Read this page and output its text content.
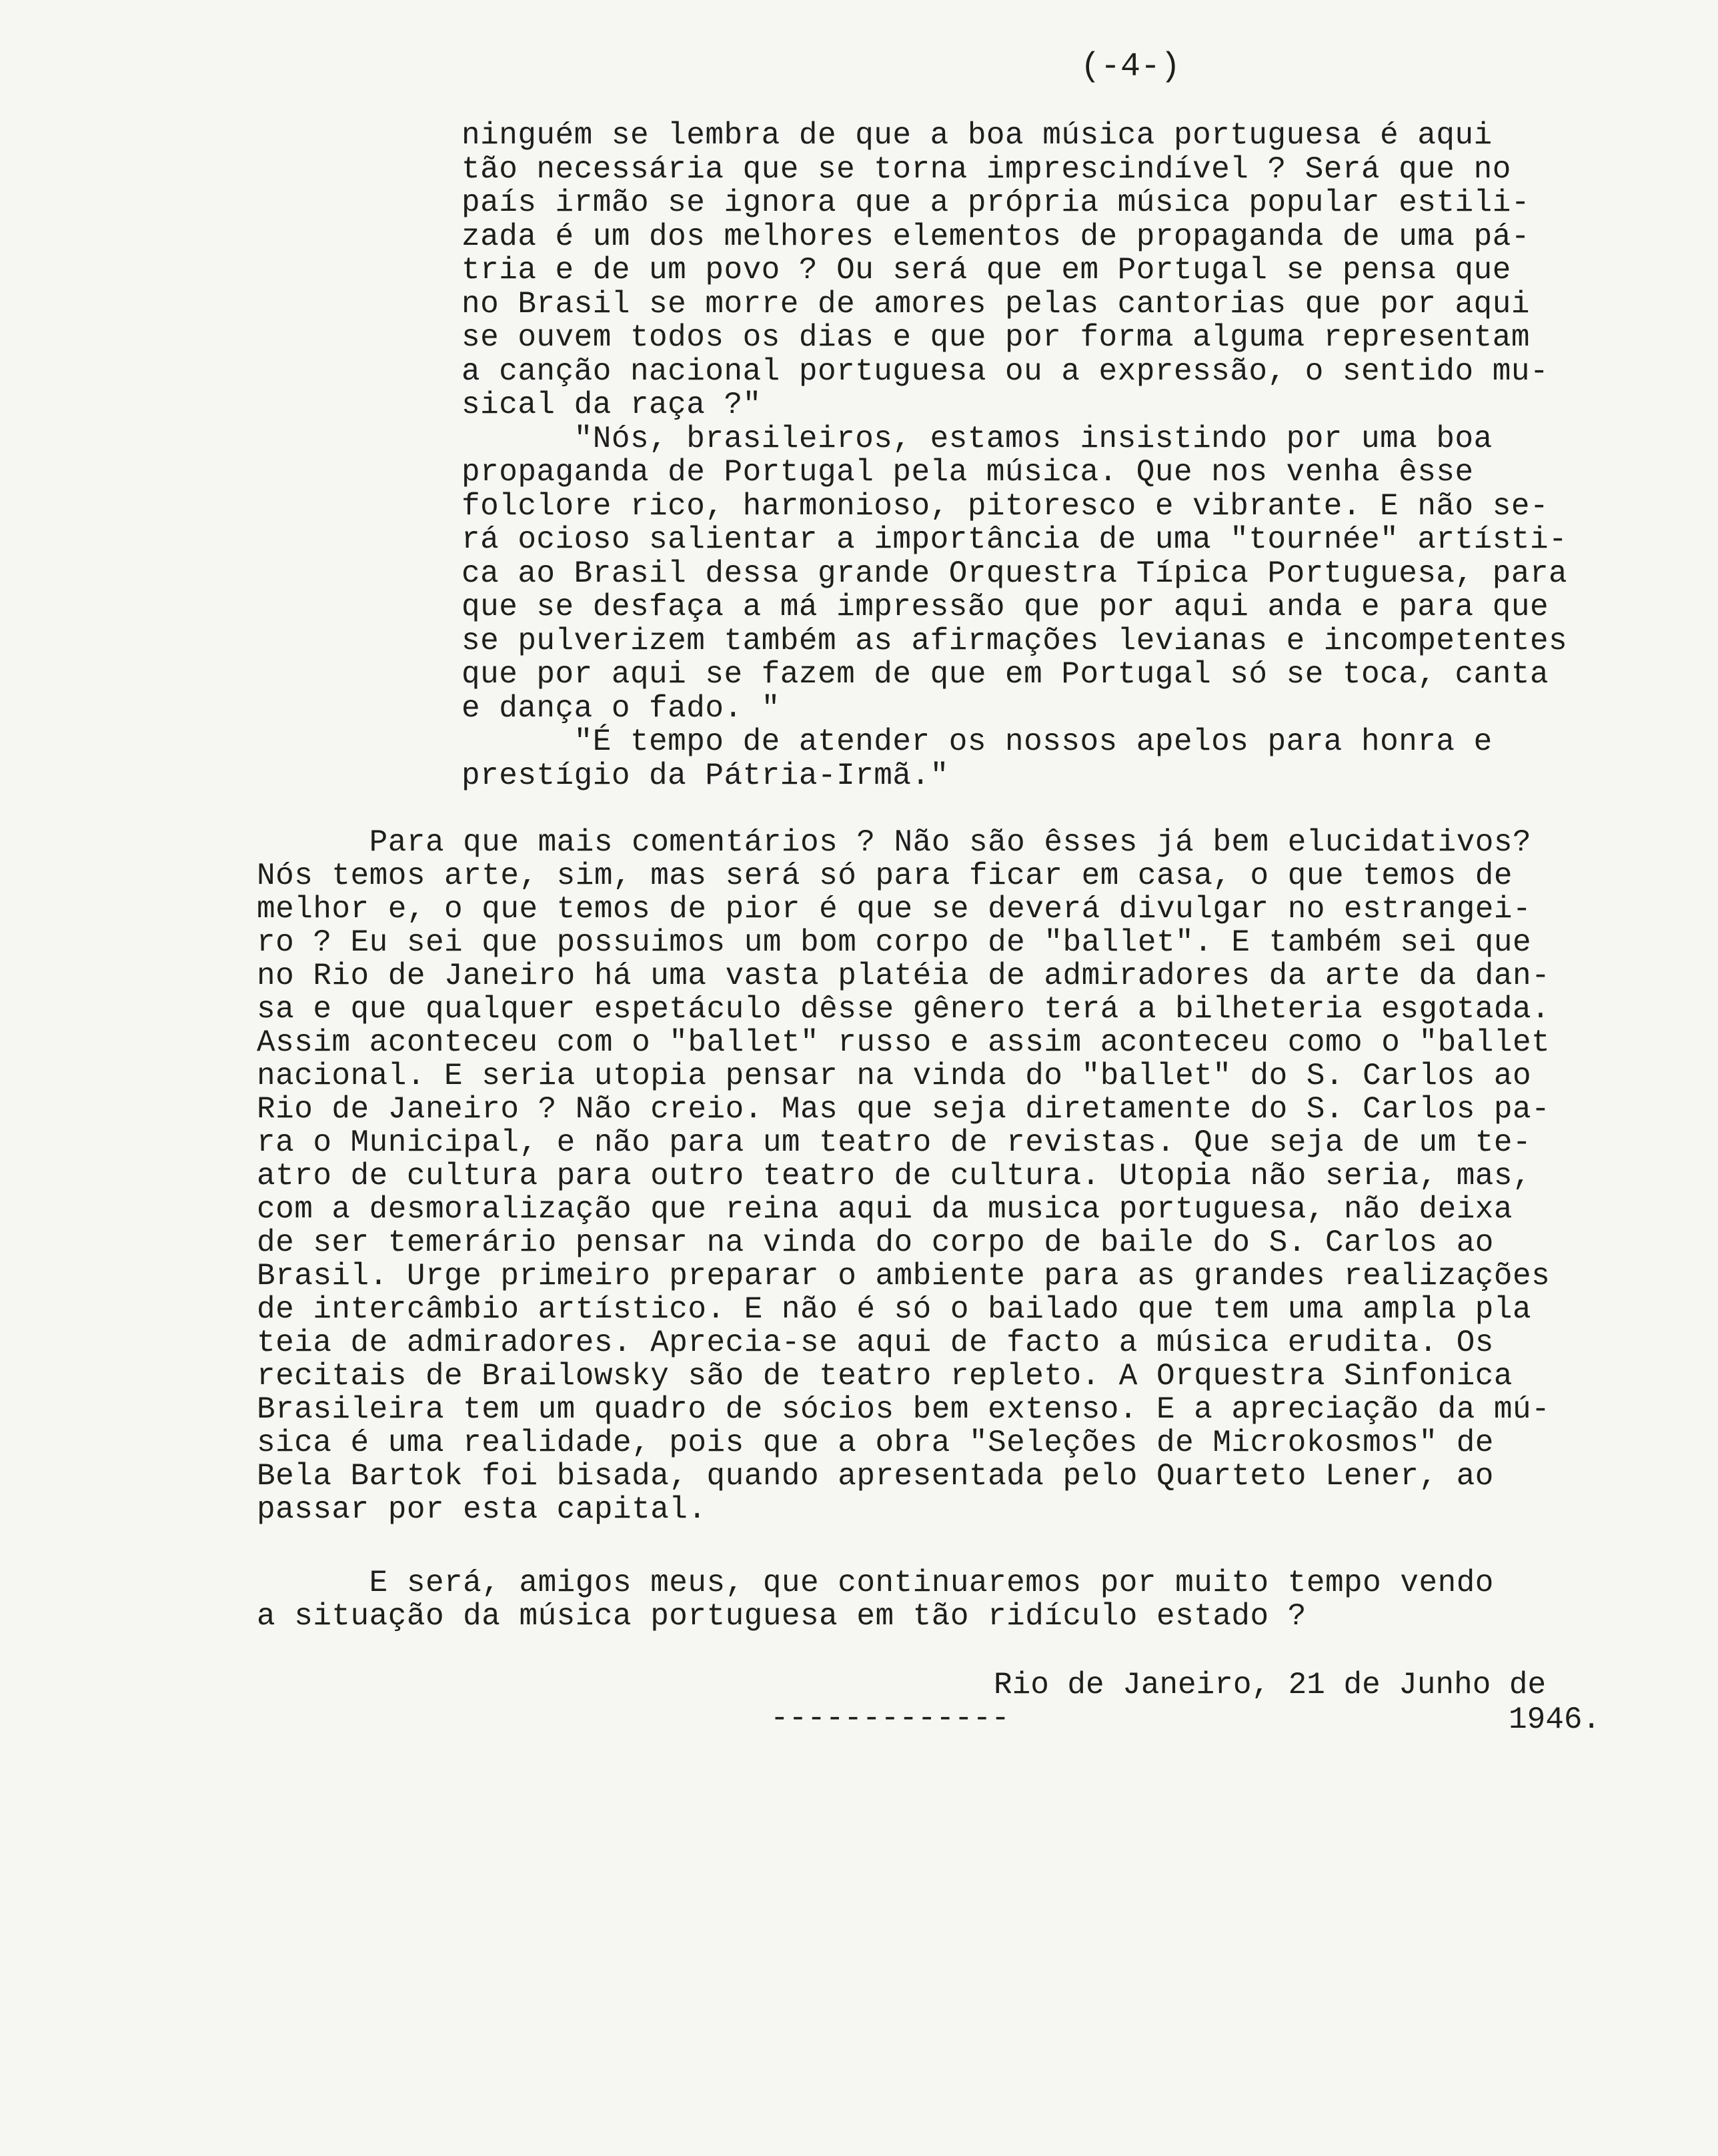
(-4-)
ninguém se lembra de que a boa música portuguesa é aqui
tão necessária que se torna imprescindível ? Será que no
país irmão se ignora que a própria música popular estili-
zada é um dos melhores elementos de propaganda de uma pá-
tria e de um povo ? Ou será que em Portugal se pensa que
no Brasil se morre de amores pelas cantorias que por aqui
se ouvem todos os dias e que por forma alguma representam
a canção nacional portuguesa ou a expressão, o sentido mu-
sical da raça ?"
"Nós, brasileiros, estamos insistindo por uma boa
propaganda de Portugal pela música. Que nos venha êsse
folclore rico, harmonioso, pitoresco e vibrante. E não se-
rá ocioso salientar a importância de uma "tournée" artísti-
ca ao Brasil dessa grande Orquestra Típica Portuguesa, para
que se desfaça a má impressão que por aqui anda e para que
se pulverizem também as afirmações levianas e incompetentes
que por aqui se fazem de que em Portugal só se toca, canta
e dança o fado. "
"É tempo de atender os nossos apelos para honra e
prestígio da Pátria-Irmã."
Para que mais comentários ? Não são êsses já bem elucidativos?
Nós temos arte, sim, mas será só para ficar em casa, o que temos de
melhor e, o que temos de pior é que se deverá divulgar no estrangei-
ro ? Eu sei que possuimos um bom corpo de "ballet". E também sei que
no Rio de Janeiro há uma vasta platéia de admiradores da arte da dan-
sa e que qualquer espetáculo dêsse gênero terá a bilheteria esgotada.
Assim aconteceu com o "ballet" russo e assim aconteceu como o "ballet
nacional. E seria utopia pensar na vinda do "ballet" do S. Carlos ao
Rio de Janeiro ? Não creio. Mas que seja diretamente do S. Carlos pa-
ra o Municipal, e não para um teatro de revistas. Que seja de um te-
atro de cultura para outro teatro de cultura. Utopia não seria, mas,
com a desmoralização que reina aqui da musica portuguesa, não deixa
de ser temerário pensar na vinda do corpo de baile do S. Carlos ao
Brasil. Urge primeiro preparar o ambiente para as grandes realizações
de intercâmbio artístico. E não é só o bailado que tem uma ampla pla
teia de admiradores. Aprecia-se aqui de facto a música erudita. Os
recitais de Brailowsky são de teatro repleto. A Orquestra Sinfonica
Brasileira tem um quadro de sócios bem extenso. E a apreciação da mú-
sica é uma realidade, pois que a obra "Seleções de Microkosmos" de
Bela Bartok foi bisada, quando apresentada pelo Quarteto Lener, ao
passar por esta capital.
E será, amigos meus, que continuaremos por muito tempo vendo
a situação da música portuguesa em tão ridículo estado ?
Rio de Janeiro, 21 de Junho de
-------------	1946.
